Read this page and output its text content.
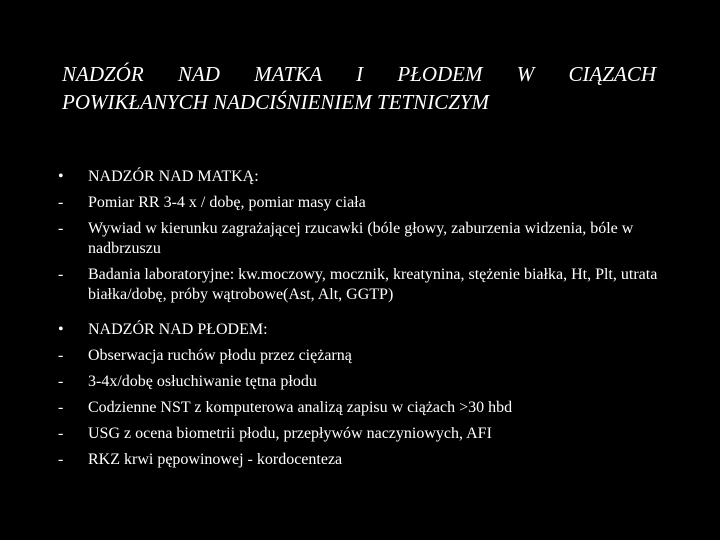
NADZÓR NAD MATKA I PŁODEM W CIĄZACH
POWIKŁANYCH NADCIŚNIENIEM TETNICZYM
•	NADZÓR NAD MATKĄ:
-	Pomiar RR 3-4 x / dobę, pomiar masy ciała
-	Wywiad w kierunku zagrażającej rzucawki (bóle głowy, zaburzenia widzenia, bóle w nadbrzuszu
-	Badania laboratoryjne: kw.moczowy, mocznik, kreatynina, stężenie białka, Ht, Plt, utrata białka/dobę, próby wątrobowe(Ast, Alt, GGTP)
•	NADZÓR NAD PŁODEM:
-	Obserwacja ruchów płodu przez ciężarną
-	3-4x/dobę osłuchiwanie tętna płodu
-	Codzienne NST z komputerowa analizą zapisu w ciążach >30 hbd
-	USG z ocena biometrii płodu, przepływów naczyniowych, AFI
-	RKZ krwi pępowinowej - kordocenteza
